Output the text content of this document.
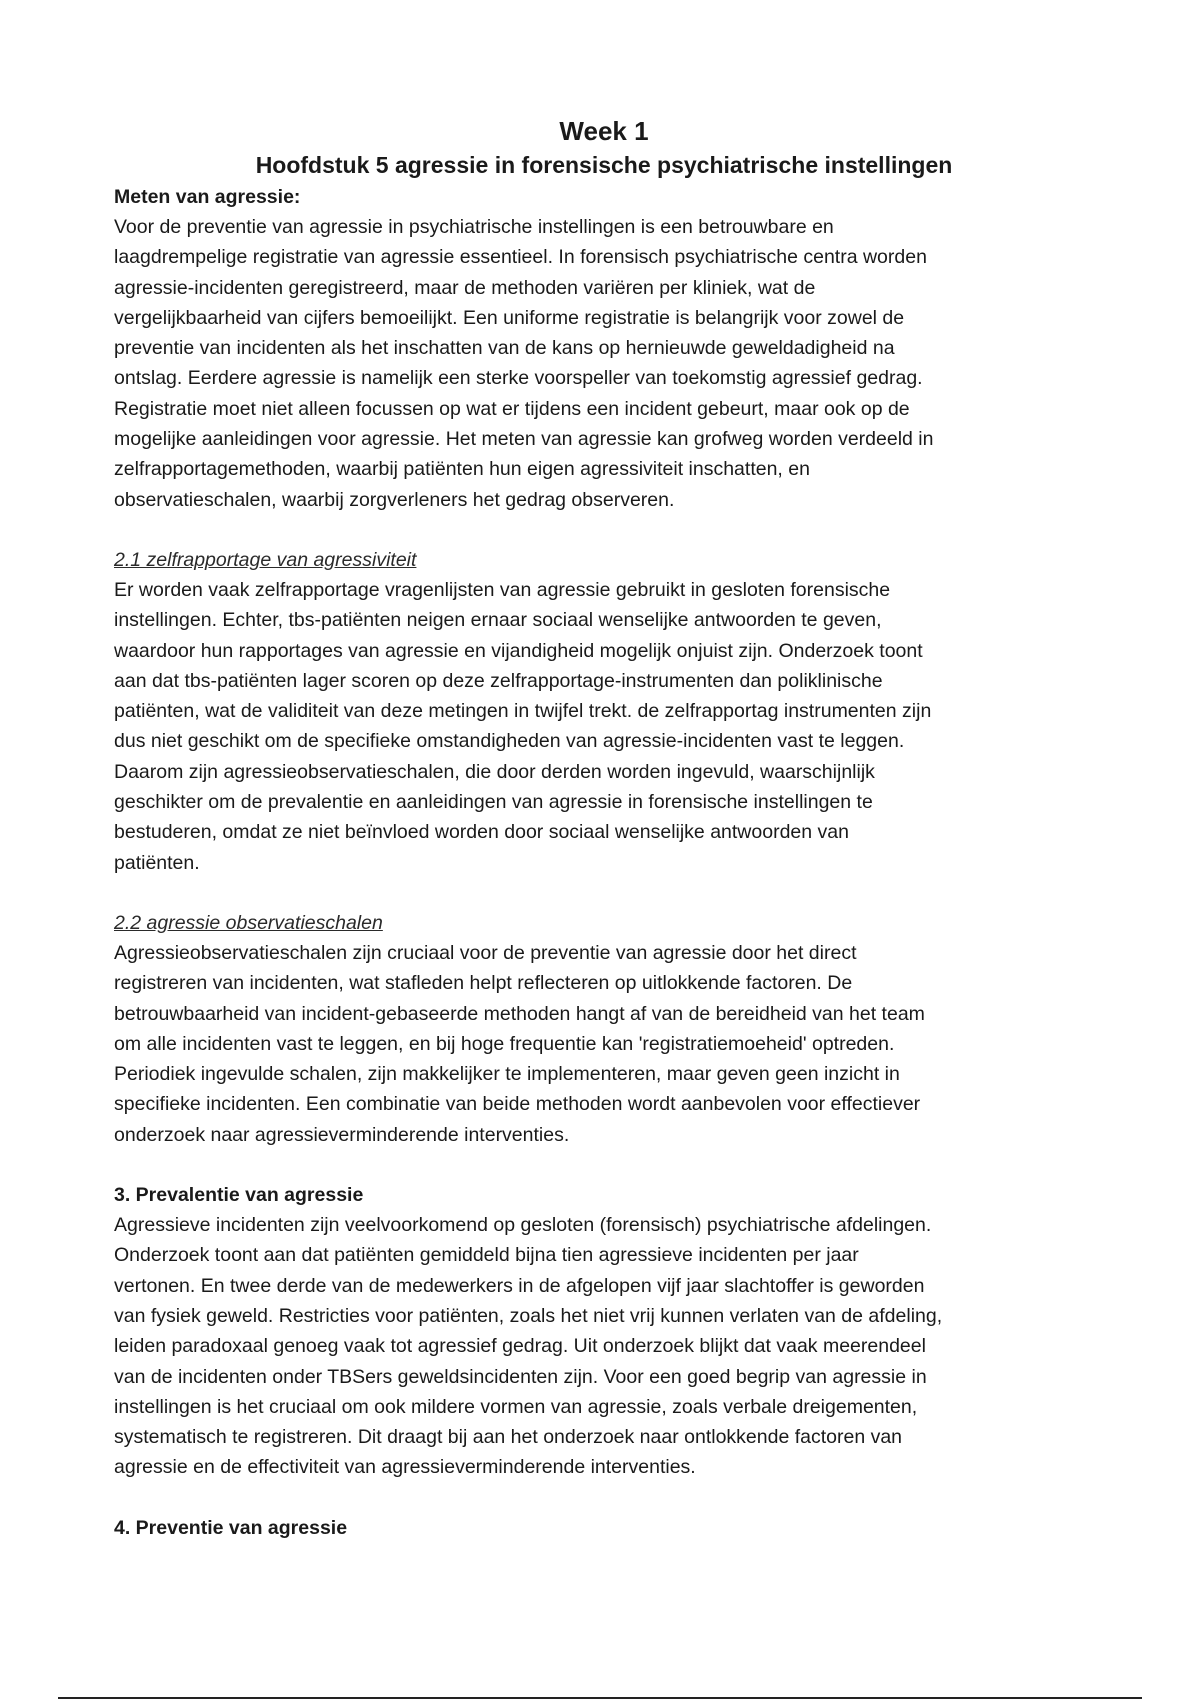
Week 1
Hoofdstuk 5 agressie in forensische psychiatrische instellingen

Meten van agressie:

Voor de preventie van agressie in psychiatrische instellingen is een betrouwbare en
laagdrempelige registratie van agressie essentieel. In forensisch psychiatrische centra worden
agressie-incidenten geregistreerd, maar de methoden variëren per kliniek, wat de
vergelijkbaarheid van cijfers bemoeilijkt. Een uniforme registratie is belangrijk voor zowel de
preventie van incidenten als het inschatten van de kans op hernieuwde geweldadigheid na
ontslag. Eerdere agressie is namelijk een sterke voorspeller van toekomstig agressief gedrag.
Registratie moet niet alleen focussen op wat er tijdens een incident gebeurt, maar ook op de
mogelijke aanleidingen voor agressie. Het meten van agressie kan grofweg worden verdeeld in
zelfrapportagemethoden, waarbij patiënten hun eigen agressiviteit inschatten, en
observatieschalen, waarbij zorgverleners het gedrag observeren.

2.1 zelfrapportage van agressiviteit

Er worden vaak zelfrapportage vragenlijsten van agressie gebruikt in gesloten forensische
instellingen. Echter, tbs-patiënten neigen ernaar sociaal wenselijke antwoorden te geven,
waardoor hun rapportages van agressie en vijandigheid mogelijk onjuist zijn. Onderzoek toont
aan dat tbs-patiënten lager scoren op deze zelfrapportage-instrumenten dan poliklinische
patiënten, wat de validiteit van deze metingen in twijfel trekt. de zelfrapportag instrumenten zijn
dus niet geschikt om de specifieke omstandigheden van agressie-incidenten vast te leggen.
Daarom zijn agressieobservatieschalen, die door derden worden ingevuld, waarschijnlijk
geschikter om de prevalentie en aanleidingen van agressie in forensische instellingen te
bestuderen, omdat ze niet beïnvloed worden door sociaal wenselijke antwoorden van
patiënten.

2.2 agressie observatieschalen

Agressieobservatieschalen zijn cruciaal voor de preventie van agressie door het direct
registreren van incidenten, wat stafleden helpt reflecteren op uitlokkende factoren. De
betrouwbaarheid van incident-gebaseerde methoden hangt af van de bereidheid van het team
om alle incidenten vast te leggen, en bij hoge frequentie kan 'registratiemoeheid' optreden.
Periodiek ingevulde schalen, zijn makkelijker te implementeren, maar geven geen inzicht in
specifieke incidenten. Een combinatie van beide methoden wordt aanbevolen voor effectiever
onderzoek naar agressieverminderende interventies.

3. Prevalentie van agressie

Agressieve incidenten zijn veelvoorkomend op gesloten (forensisch) psychiatrische afdelingen.
Onderzoek toont aan dat patiënten gemiddeld bijna tien agressieve incidenten per jaar
vertonen. En twee derde van de medewerkers in de afgelopen vijf jaar slachtoffer is geworden
van fysiek geweld. Restricties voor patiënten, zoals het niet vrij kunnen verlaten van de afdeling,
leiden paradoxaal genoeg vaak tot agressief gedrag. Uit onderzoek blijkt dat vaak meerendeel
van de incidenten onder TBSers geweldsincidenten zijn. Voor een goed begrip van agressie in
instellingen is het cruciaal om ook mildere vormen van agressie, zoals verbale dreigementen,
systematisch te registreren. Dit draagt bij aan het onderzoek naar ontlokkende factoren van
agressie en de effectiviteit van agressieverminderende interventies.

4. Preventie van agressie
